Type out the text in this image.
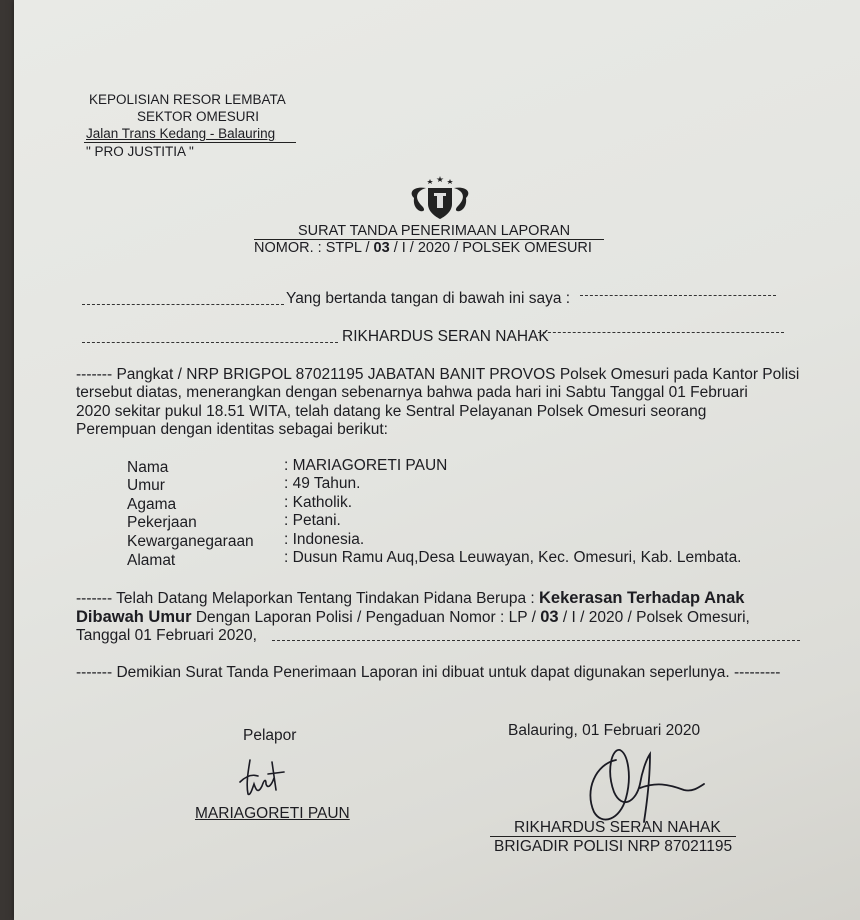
KEPOLISIAN RESOR LEMBATA
SEKTOR OMESURI
Jalan Trans Kedang - Balauring
" PRO JUSTITIA "
SURAT TANDA PENERIMAAN LAPORAN
NOMOR. : STPL / 03 / I / 2020 / POLSEK OMESURI
Yang bertanda tangan di bawah ini saya :
RIKHARDUS SERAN NAHAK
------- Pangkat / NRP BRIGPOL 87021195 JABATAN BANIT PROVOS Polsek Omesuri pada Kantor Polisi
tersebut diatas, menerangkan dengan sebenarnya bahwa pada hari ini Sabtu Tanggal 01 Februari
2020 sekitar pukul 18.51 WITA, telah datang ke Sentral Pelayanan Polsek Omesuri seorang
Perempuan dengan identitas sebagai berikut:
Nama	: MARIAGORETI PAUN
Umur	: 49 Tahun.
Agama	: Katholik.
Pekerjaan	: Petani.
Kewarganegaraan : Indonesia.
Alamat	: Dusun Ramu Auq,Desa Leuwayan, Kec. Omesuri, Kab. Lembata.
------- Telah Datang Melaporkan Tentang Tindakan Pidana Berupa : Kekerasan Terhadap Anak
Dibawah Umur Dengan Laporan Polisi / Pengaduan Nomor : LP / 03 / I / 2020 / Polsek Omesuri,
Tanggal 01 Februari 2020,
------- Demikian Surat Tanda Penerimaan Laporan ini dibuat untuk dapat digunakan seperlunya. ---------
Pelapor
MARIAGORETI PAUN
Balauring, 01 Februari 2020
RIKHARDUS SERAN NAHAK
BRIGADIR POLISI NRP 87021195
